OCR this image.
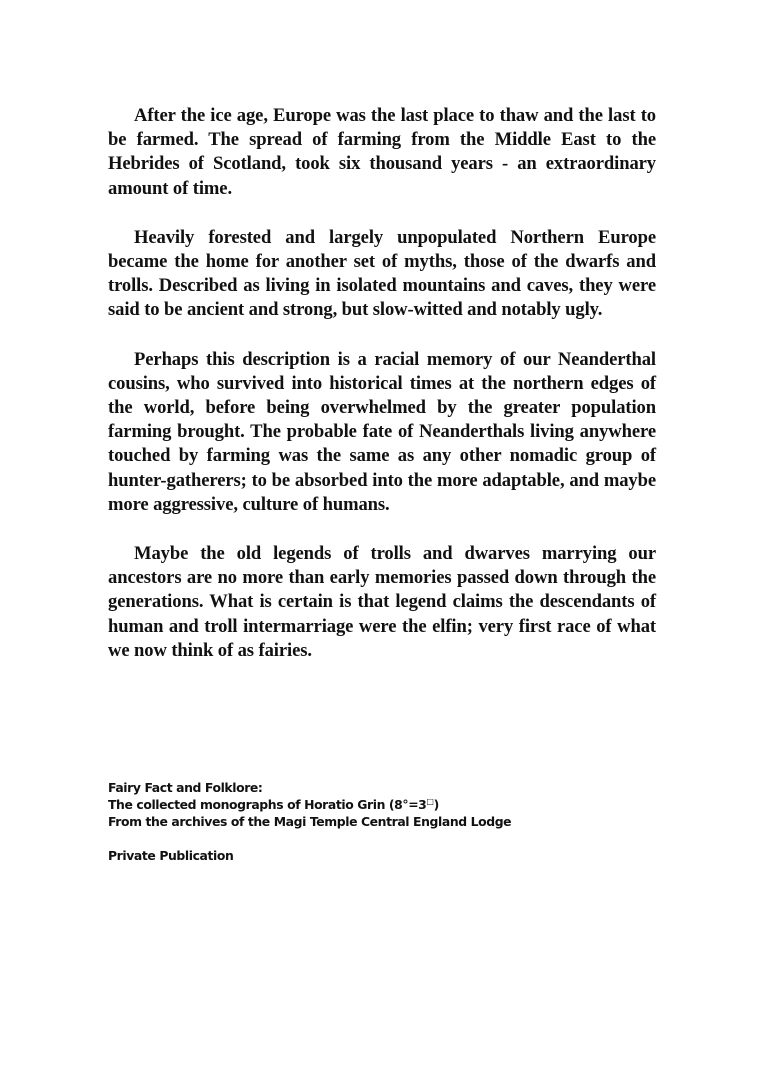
After the ice age, Europe was the last place to thaw and the last to be farmed. The spread of farming from the Middle East to the Hebrides of Scotland, took six thousand years - an extraordinary amount of time.

Heavily forested and largely unpopulated Northern Europe became the home for another set of myths, those of the dwarfs and trolls. Described as living in isolated mountains and caves, they were said to be ancient and strong, but slow-witted and notably ugly.

Perhaps this description is a racial memory of our Neanderthal cousins, who survived into historical times at the northern edges of the world, before being overwhelmed by the greater population farming brought. The probable fate of Neanderthals living anywhere touched by farming was the same as any other nomadic group of hunter-gatherers; to be absorbed into the more adaptable, and maybe more aggressive, culture of humans.

Maybe the old legends of trolls and dwarves marrying our ancestors are no more than early memories passed down through the generations. What is certain is that legend claims the descendants of human and troll intermarriage were the elfin; very first race of what we now think of as fairies.

Fairy Fact and Folklore:
The collected monographs of Horatio Grin (8°=3□)
From the archives of the Magi Temple Central England Lodge
Private Publication
